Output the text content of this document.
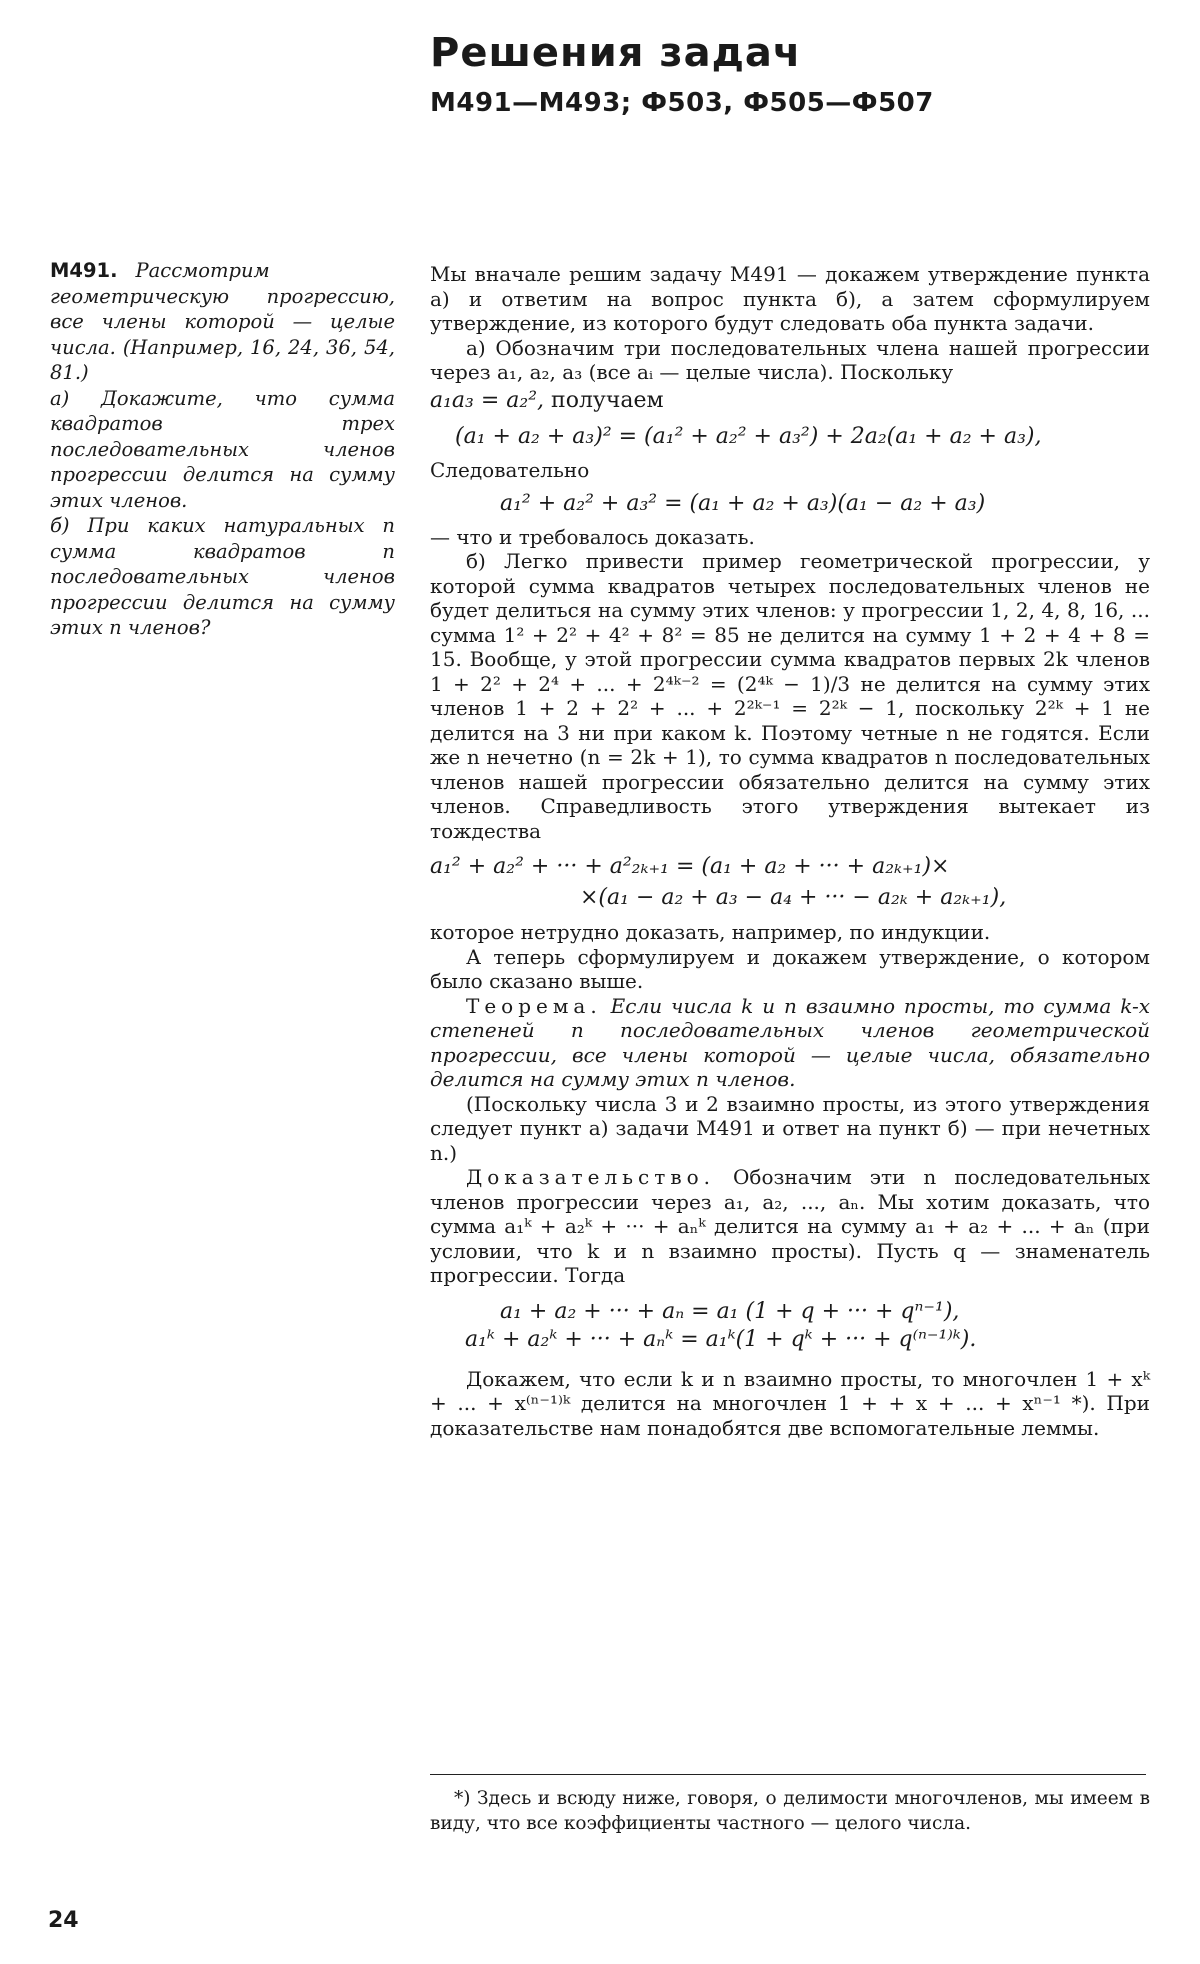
Решения задач
М491—М493; Ф503, Ф505—Ф507

М491. Рассмотрим геометрическую прогрессию, все члены которой — целые числа. (Например, 16, 24, 36, 54, 81.)

а) Докажите, что сумма квадратов трех последовательных членов прогрессии делится на сумму этих членов.

б) При каких натуральных n сумма квадратов n последовательных членов прогрессии делится на сумму этих n членов?

Мы вначале решим задачу М491 — докажем утверждение пункта а) и ответим на вопрос пункта б), а затем сформулируем утверждение, из которого будут следовать оба пункта задачи.

а) Обозначим три последовательных члена нашей прогрессии через a₁, a₂, a₃ (все aᵢ — целые числа). Поскольку

a₁a₃ = a₂², получаем

(a₁ + a₂ + a₃)² = (a₁² + a₂² + a₃²) + 2a₂(a₁ + a₂ + a₃),

Следовательно

a₁² + a₂² + a₃² = (a₁ + a₂ + a₃)(a₁ − a₂ + a₃)

— что и требовалось доказать.

б) Легко привести пример геометрической прогрессии, у которой сумма квадратов четырех последовательных членов не будет делиться на сумму этих членов: у прогрессии 1, 2, 4, 8, 16, ... сумма 1² + 2² + 4² + 8² = 85 не делится на сумму 1 + 2 + 4 + 8 = 15. Вообще, у этой прогрессии сумма квадратов первых 2k членов 1 + 2² + 2⁴ + ... + 2⁴ᵏ⁻² = (2⁴ᵏ − 1)/3 не делится на сумму этих членов 1 + 2 + 2² + ... + 2²ᵏ⁻¹ = 2²ᵏ − 1, поскольку 2²ᵏ + 1 не делится на 3 ни при каком k. Поэтому четные n не годятся. Если же n нечетно (n = 2k + 1), то сумма квадратов n последовательных членов нашей прогрессии обязательно делится на сумму этих членов. Справедливость этого утверждения вытекает из тождества

a₁² + a₂² + ··· + a²₂ₖ₊₁ = (a₁ + a₂ + ··· + a₂ₖ₊₁)×
×(a₁ − a₂ + a₃ − a₄ + ··· − a₂ₖ + a₂ₖ₊₁),

которое нетрудно доказать, например, по индукции.

А теперь сформулируем и докажем утверждение, о котором было сказано выше.

Теорема. Если числа k и n взаимно просты, то сумма k-х степеней n последовательных членов геометрической прогрессии, все члены которой — целые числа, обязательно делится на сумму этих n членов.

(Поскольку числа 3 и 2 взаимно просты, из этого утверждения следует пункт а) задачи М491 и ответ на пункт б) — при нечетных n.)

Доказательство. Обозначим эти n последовательных членов прогрессии через a₁, a₂, ..., aₙ. Мы хотим доказать, что сумма a₁ᵏ + a₂ᵏ + ··· + aₙᵏ делится на сумму a₁ + a₂ + ... + aₙ (при условии, что k и n взаимно просты). Пусть q — знаменатель прогрессии. Тогда

a₁ + a₂ + ··· + aₙ = a₁ (1 + q + ··· + qⁿ⁻¹),
a₁ᵏ + a₂ᵏ + ··· + aₙᵏ = a₁ᵏ(1 + qᵏ + ··· + q⁽ⁿ⁻¹⁾ᵏ).

Докажем, что если k и n взаимно просты, то многочлен 1 + xᵏ + ... + x⁽ⁿ⁻¹⁾ᵏ делится на многочлен 1 + + x + ... + xⁿ⁻¹ *). При доказательстве нам понадобятся две вспомогательные леммы.

*) Здесь и всюду ниже, говоря, о делимости многочленов, мы имеем в виду, что все коэффициенты частного — целого числа.
24
